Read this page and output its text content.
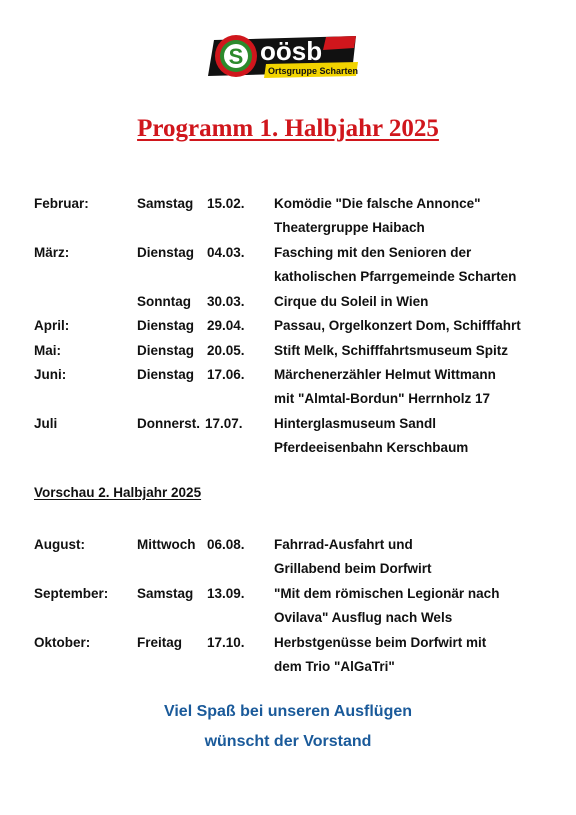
S oösb
Ortsgruppe Scharten
Programm 1. Halbjahr 2025
Februar:	Samstag 15.02. Komödie "Die falsche Annonce"
Theatergruppe Haibach
März:	Dienstag 04.03. Fasching mit den Senioren der
katholischen Pfarrgemeinde Scharten
Sonntag 30.03. Cirque du Soleil in Wien
April:	Dienstag 29.04. Passau, Orgelkonzert Dom, Schifffahrt
Mai:	Dienstag 20.05. Stift Melk, Schifffahrtsmuseum Spitz
Juni:	Dienstag 17.06. Märchenerzähler Helmut Wittmann
mit "Almtal-Bordun" Herrnholz 17
Juli	Donnerst. 17.07. Hinterglasmuseum Sandl
Pferdeeisenbahn Kerschbaum
Vorschau 2. Halbjahr 2025
August:	Mittwoch 06.08. Fahrrad-Ausfahrt und
Grillabend beim Dorfwirt
September: Samstag 13.09. "Mit dem römischen Legionär nach
Ovilava" Ausflug nach Wels
Oktober:	Freitag 17.10. Herbstgenüsse beim Dorfwirt mit
dem Trio "AlGaTri"
Viel Spaß bei unseren Ausflügen
wünscht der Vorstand
